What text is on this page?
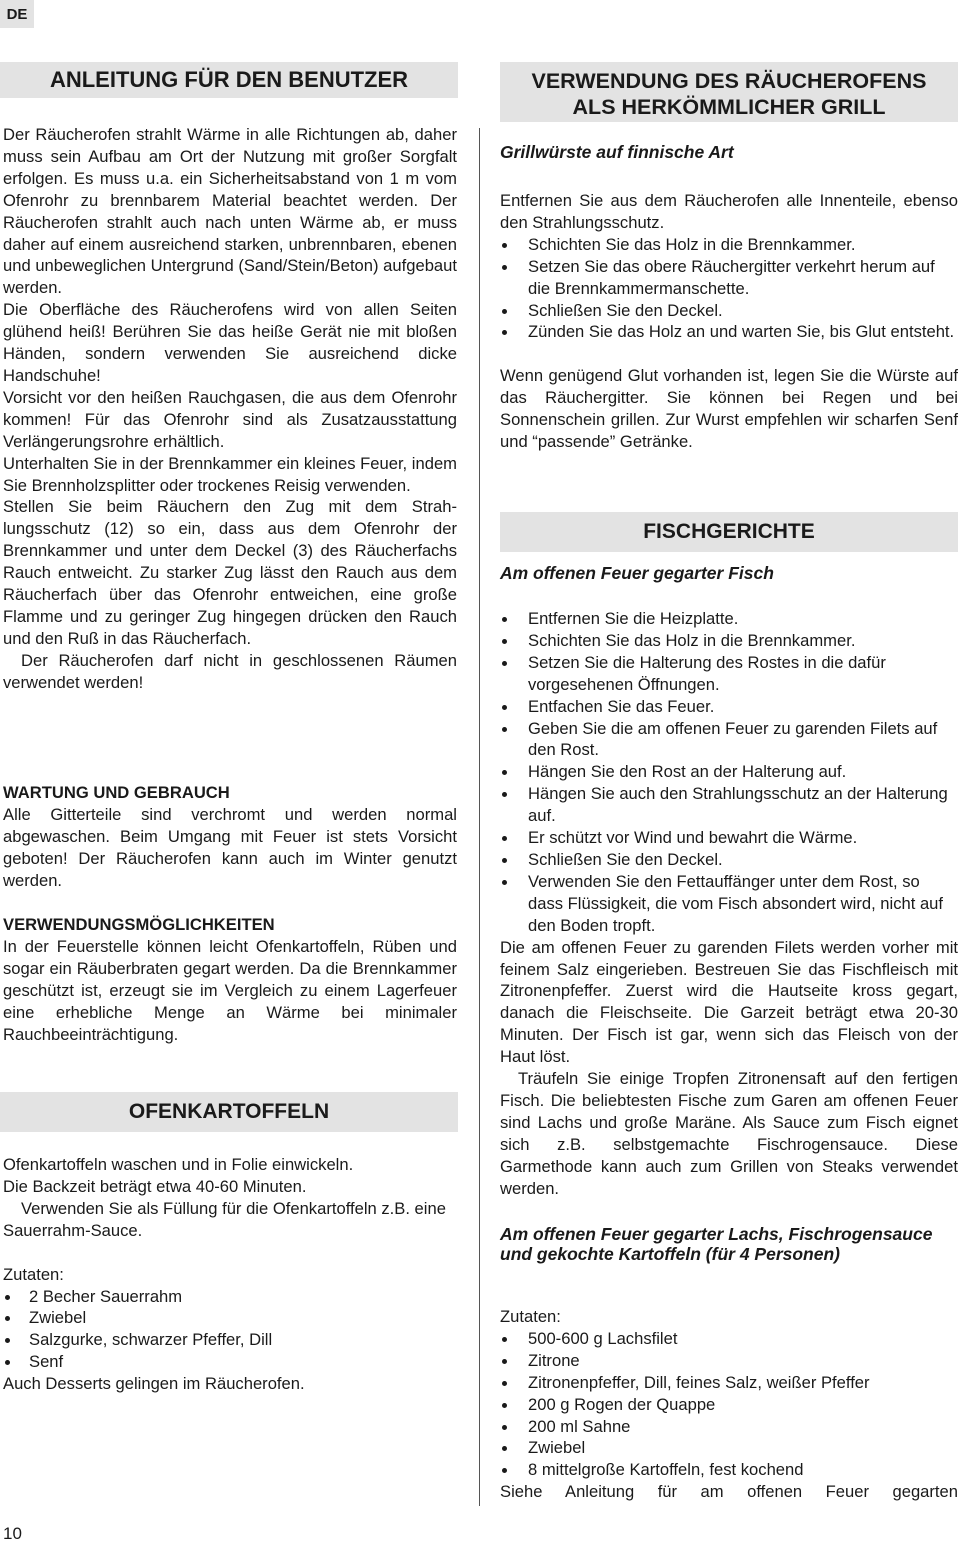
DE
10
ANLEITUNG FÜR DEN BENUTZER

Der Räucherofen strahlt Wärme in alle Richtungen ab, daher muss sein Aufbau am Ort der Nutzung mit großer Sorgfalt erfolgen. Es muss u.a. ein Sicherheitsabstand von 1 m vom Ofenrohr zu brennbarem Material beachtet werden. Der Räucherofen strahlt auch nach unten Wärme ab, er muss daher auf einem ausreichend starken, unbrennbaren, ebenen und unbeweglichen Untergrund (Sand/Stein/Beton) aufgebaut werden.

Die Oberfläche des Räucherofens wird von allen Seiten glühend heiß! Berühren Sie das heiße Gerät nie mit bloßen Händen, sondern verwenden Sie ausreichend dicke Handschuhe!

Vorsicht vor den heißen Rauchgasen, die aus dem Ofenrohr kommen! Für das Ofenrohr sind als Zusatzausstattung Verlängerungsrohre erhältlich.

Unterhalten Sie in der Brennkammer ein kleines Feuer, indem Sie Brennholzsplitter oder trockenes Reisig verwenden.

Stellen Sie beim Räuchern den Zug mit dem Strahlungsschutz (12) so ein, dass aus dem Ofenrohr der Brennkammer und unter dem Deckel (3) des Räucherfachs Rauch entweicht. Zu starker Zug lässt den Rauch aus dem Räucherfach über das Ofenrohr entweichen, eine große Flamme und zu geringer Zug hingegen drücken den Rauch und den Ruß in das Räucherfach.

Der Räucherofen darf nicht in geschlossenen Räumen verwendet werden!

WARTUNG UND GEBRAUCH

Alle Gitterteile sind verchromt und werden normal abgewaschen. Beim Umgang mit Feuer ist stets Vorsicht geboten! Der Räucherofen kann auch im Winter genutzt werden.

VERWENDUNGSMÖGLICHKEITEN

In der Feuerstelle können leicht Ofenkartoffeln, Rüben und sogar ein Räuberbraten gegart werden. Da die Brennkammer geschützt ist, erzeugt sie im Vergleich zu einem Lagerfeuer eine erhebliche Menge an Wärme bei minimaler Rauchbeeinträchtigung.

OFENKARTOFFELN

Ofenkartoffeln waschen und in Folie einwickeln.

Die Backzeit beträgt etwa 40-60 Minuten.

Verwenden Sie als Füllung für die Ofenkartoffeln z.B. eine Sauerrahm-Sauce.

Zutaten:

2 Becher Sauerrahm
Zwiebel
Salzgurke, schwarzer Pfeffer, Dill
Senf

Auch Desserts gelingen im Räucherofen.

VERWENDUNG DES RÄUCHEROFENS
ALS HERKÖMMLICHER GRILL
Grillwürste auf finnische Art

Entfernen Sie aus dem Räucherofen alle Innenteile, ebenso den Strahlungsschutz.

Schichten Sie das Holz in die Brennkammer.
Setzen Sie das obere Räuchergitter verkehrt herum auf die Brennkammermanschette.
Schließen Sie den Deckel.
Zünden Sie das Holz an und warten Sie, bis Glut entsteht.

Wenn genügend Glut vorhanden ist, legen Sie die Würste auf das Räuchergitter. Sie können bei Regen und bei Sonnenschein grillen. Zur Wurst empfehlen wir scharfen Senf und “passende” Getränke.

FISCHGERICHTE
Am offenen Feuer gegarter Fisch
Entfernen Sie die Heizplatte.
Schichten Sie das Holz in die Brennkammer.
Setzen Sie die Halterung des Rostes in die dafür vorgesehenen Öffnungen.
Entfachen Sie das Feuer.
Geben Sie die am offenen Feuer zu garenden Filets auf den Rost.
Hängen Sie den Rost an der Halterung auf.
Hängen Sie auch den Strahlungsschutz an der Halterung auf.
Er schützt vor Wind und bewahrt die Wärme.
Schließen Sie den Deckel.
Verwenden Sie den Fettauffänger unter dem Rost, so dass Flüssigkeit, die vom Fisch absondert wird, nicht auf den Boden tropft.

Die am offenen Feuer zu garenden Filets werden vorher mit feinem Salz eingerieben. Bestreuen Sie das Fischfleisch mit Zitronenpfeffer. Zuerst wird die Hautseite kross gegart, danach die Fleischseite. Die Garzeit beträgt etwa 20-30 Minuten. Der Fisch ist gar, wenn sich das Fleisch von der Haut löst.

Träufeln Sie einige Tropfen Zitronensaft auf den fertigen Fisch. Die beliebtesten Fische zum Garen am offenen Feuer sind Lachs und große Maräne. Als Sauce zum Fisch eignet sich z.B. selbstgemachte Fischrogensauce. Diese Garmethode kann auch zum Grillen von Steaks verwendet werden.

Am offenen Feuer gegarter Lachs, Fischrogensauce und gekochte Kartoffeln (für 4 Personen)

Zutaten:

500-600 g Lachsfilet
Zitrone
Zitronenpfeffer, Dill, feines Salz, weißer Pfeffer
200 g Rogen der Quappe
200 ml Sahne
Zwiebel
8 mittelgroße Kartoffeln, fest kochend

Siehe Anleitung für am offenen Feuer gegarten
